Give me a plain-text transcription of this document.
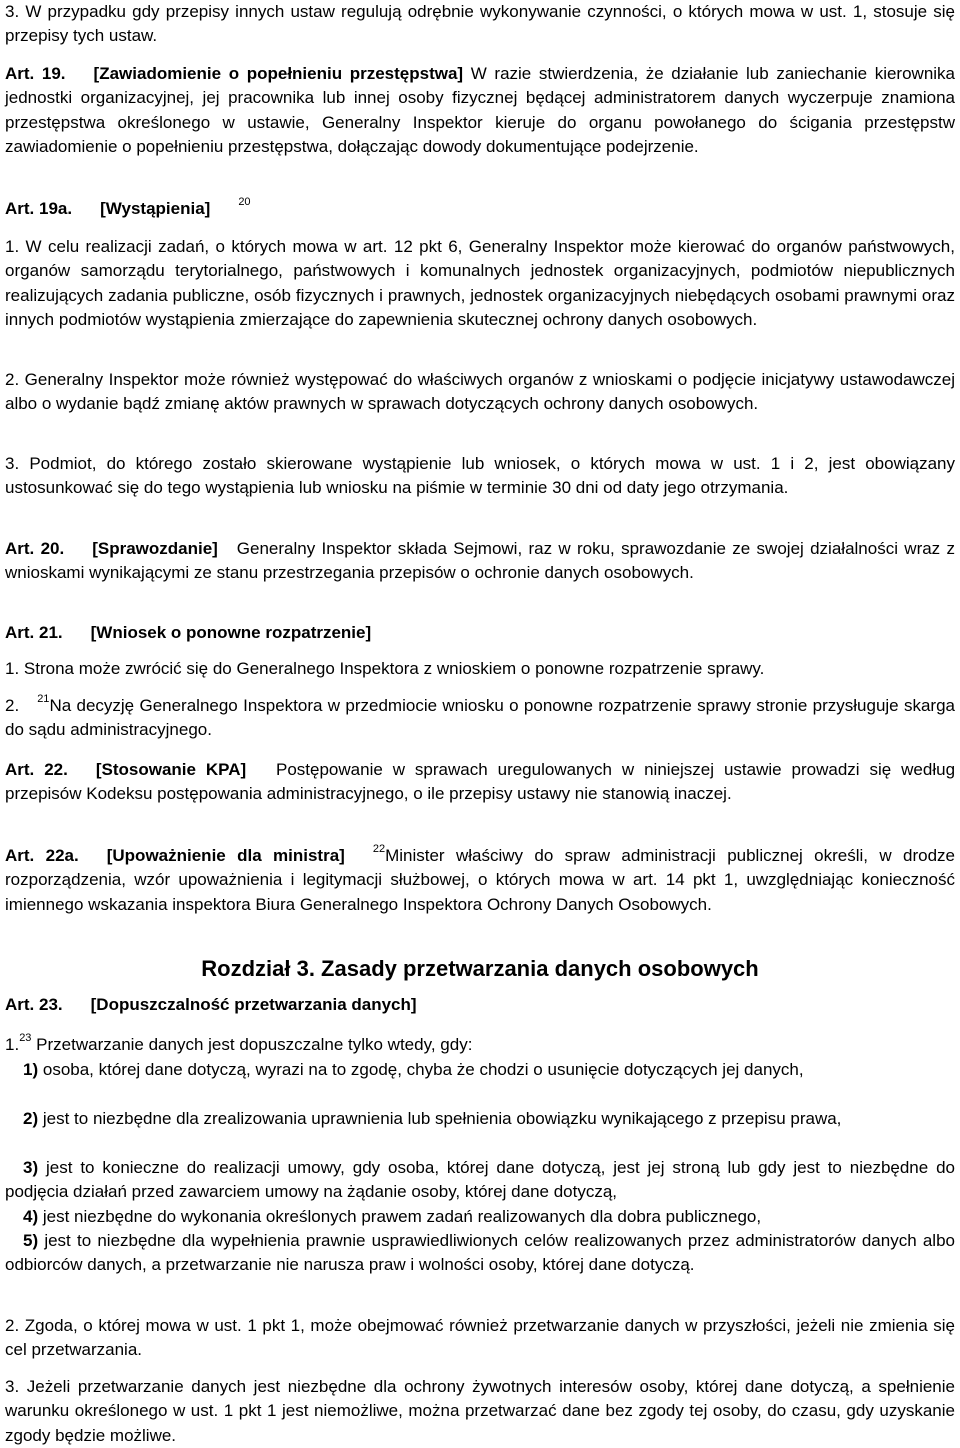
3. W przypadku gdy przepisy innych ustaw regulują odrębnie wykonywanie czynności, o których mowa w ust. 1, stosuje się przepisy tych ustaw.

Art. 19. [Zawiadomienie o popełnieniu przestępstwa] W razie stwierdzenia, że działanie lub zaniechanie kierownika jednostki organizacyjnej, jej pracownika lub innej osoby fizycznej będącej administratorem danych wyczerpuje znamiona przestępstwa określonego w ustawie, Generalny Inspektor kieruje do organu powołanego do ścigania przestępstw zawiadomienie o popełnieniu przestępstwa, dołączając dowody dokumentujące podejrzenie.

Art. 19a. [Wystąpienia]	$^{20}$

1. W celu realizacji zadań, o których mowa w art. 12 pkt 6, Generalny Inspektor może kierować do organów państwowych, organów samorządu terytorialnego, państwowych i komunalnych jednostek organizacyjnych, podmiotów niepublicznych realizujących zadania publiczne, osób fizycznych i prawnych, jednostek organizacyjnych niebędących osobami prawnymi oraz innych podmiotów wystąpienia zmierzające do zapewnienia skutecznej ochrony danych osobowych.

2. Generalny Inspektor może również występować do właściwych organów z wnioskami o podjęcie inicjatywy ustawodawczej albo o wydanie bądź zmianę aktów prawnych w sprawach dotyczących ochrony danych osobowych.

3. Podmiot, do którego zostało skierowane wystąpienie lub wniosek, o których mowa w ust. 1 i 2, jest obowiązany ustosunkować się do tego wystąpienia lub wniosku na piśmie w terminie 30 dni od daty jego otrzymania.

Art. 20. [Sprawozdanie] Generalny Inspektor składa Sejmowi, raz w roku, sprawozdanie ze swojej działalności wraz z wnioskami wynikającymi ze stanu przestrzegania przepisów o ochronie danych osobowych.

Art. 21. [Wniosek o ponowne rozpatrzenie]

1. Strona może zwrócić się do Generalnego Inspektora z wnioskiem o ponowne rozpatrzenie sprawy.

2. $^{21}$Na decyzję Generalnego Inspektora w przedmiocie wniosku o ponowne rozpatrzenie sprawy stronie przysługuje skarga do sądu administracyjnego.

Art. 22. [Stosowanie KPA] Postępowanie w sprawach uregulowanych w niniejszej ustawie prowadzi się według przepisów Kodeksu postępowania administracyjnego, o ile przepisy ustawy nie stanowią inaczej.

Art. 22a. [Upoważnienie dla ministra]	$^{22}$Minister właściwy do spraw administracji publicznej określi, w drodze rozporządzenia, wzór upoważnienia i legitymacji służbowej, o których mowa w art. 14 pkt 1, uwzględniając konieczność imiennego wskazania inspektora Biura Generalnego Inspektora Ochrony Danych Osobowych.

Rozdział 3. Zasady przetwarzania danych osobowych

Art. 23. [Dopuszczalność przetwarzania danych]

1.23 Przetwarzanie danych jest dopuszczalne tylko wtedy, gdy:

1) osoba, której dane dotyczą, wyrazi na to zgodę, chyba że chodzi o usunięcie dotyczących jej danych,

2) jest to niezbędne dla zrealizowania uprawnienia lub spełnienia obowiązku wynikającego z przepisu prawa,

3) jest to konieczne do realizacji umowy, gdy osoba, której dane dotyczą, jest jej stroną lub gdy jest to niezbędne do podjęcia działań przed zawarciem umowy na żądanie osoby, której dane dotyczą,

4) jest niezbędne do wykonania określonych prawem zadań realizowanych dla dobra publicznego,

5) jest to niezbędne dla wypełnienia prawnie usprawiedliwionych celów realizowanych przez administratorów danych albo odbiorców danych, a przetwarzanie nie narusza praw i wolności osoby, której dane dotyczą.

2. Zgoda, o której mowa w ust. 1 pkt 1, może obejmować również przetwarzanie danych w przyszłości, jeżeli nie zmienia się cel przetwarzania.

3. Jeżeli przetwarzanie danych jest niezbędne dla ochrony żywotnych interesów osoby, której dane dotyczą, a spełnienie warunku określonego w ust. 1 pkt 1 jest niemożliwe, można przetwarzać dane bez zgody tej osoby, do czasu, gdy uzyskanie zgody będzie możliwe.
